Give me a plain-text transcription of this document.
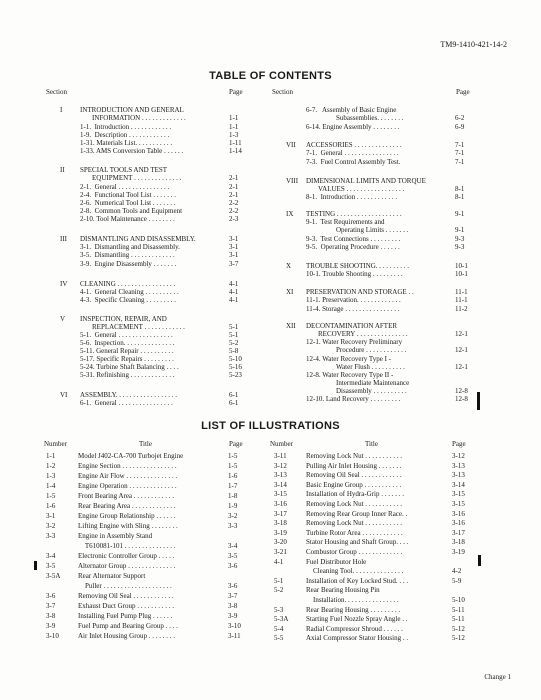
TM9-1410-421-14-2
TABLE OF CONTENTS
Section	Page	Section	Page
I	INTRODUCTION AND GENERAL
INFORMATION . . . . . . . . . . . . .	1-1
1-1.  Introduction . . . . . . . . . . . .	1-1
1-9.  Description . . . . . . . . . . . .	1-3
1-31. Materials List. . . . . . . . . . .	1-11
1-33. AMS Conversion Table . . . . . .	1-14
II SPECIAL TOOLS AND TEST
EQUIPMENT . . . . . . . . . . . . . .	2-1
2-1.  General . . . . . . . . . . . . . . .	2-1
2-4.  Functional Tool List . . . . . . .	2-1
2-6.  Numerical Tool List . . . . . . .	2-2
2-8.  Common Tools and Equipment	2-2
2-10. Tool Maintenance . . . . . . . .	2-3
III DISMANTLING AND DISASSEMBLY.	3-1
3-1.  Dismantling and Disassembly.	3-1
3-5.  Dismantling . . . . . . . . . . . . .	3-1
3-9.  Engine Disassembly . . . . . . .	3-7
IV CLEANING . . . . . . . . . . . . . . . . .	4-1
4-1.  General Cleaning . . . . . . . . . .	4-1
4-3.  Specific Cleaning . . . . . . . . .	4-1
V INSPECTION, REPAIR, AND
REPLACEMENT . . . . . . . . . . . .	5-1
5-1.  General . . . . . . . . . . . . . . . .	5-1
5-6.  Inspection. . . . . . . . . . . . . . .	5-2
5-11. General Repair . . . . . . . . . .	5-8
5-17. Specific Repairs . . . . . . . . .	5-10
5-24. Turbine Shaft Balancing . . . .	5-16
5-31. Refinishing . . . . . . . . . . . . .	5-23
VI ASSEMBLY. . . . . . . . . . . . . . . . . .	6-1
6-1.  General . . . . . . . . . . . . . . . .	6-1
6-7.   Assembly of Basic Engine
Subassemblies. . . . . . . .	6-2
6-14. Engine Assembly . . . . . . . .	6-9
VII ACCESSORIES . . . . . . . . . . . . . .	7-1
7-1.  General . . . . . . . . . . . . . . . .	7-1
7-3.  Fuel Control Assembly Test.	7-1
VIII DIMENSIONAL LIMITS AND TORQUE
VALUES . . . . . . . . . . . . . . . . .	8-1
8-1.  Introduction . . . . . . . . . . . .	8-1
IX TESTING . . . . . . . . . . . . . . . . . . .	9-1
9-1.  Test Requirements and
Operating Limits . . . . . . .	9-1
9-3.  Test Connections . . . . . . . . .	9-3
9-5.  Operating Procedure . . . . . .	9-3
X TROUBLE SHOOTING. . . . . . . . . .	10-1
10-1. Trouble Shooting . . . . . . . . .	10-1
XI PRESERVATION AND STORAGE . .	11-1
11-1. Preservation. . . . . . . . . . . . .	11-1
11-4. Storage . . . . . . . . . . . . . . . .	11-2
XII DECONTAMINATION AFTER
RECOVERY . . . . . . . . . . . . . . .	12-1
12-1. Water Recovery Preliminary
Procedure . . . . . . . . . . . .	12-1
12-4. Water Recovery Type I -
Water Flush . . . . . . . . . .	12-1
12-8. Water Recovery Type II -
Intermediate Maintenance
Disassembly . . . . . . . . . .	12-8
12-10. Land Recovery . . . . . . . . .	12-8
LIST OF ILLUSTRATIONS
Number	Title	Page	Number	Title	Page
1-1	Model J402-CA-700 Turbojet Engine	1-5
1-2	Engine Section . . . . . . . . . . . . . . . .	1-5
1-3	Engine Air Flow . . . . . . . . . . . . . . .	1-6
1-4	Engine Operation . . . . . . . . . . . . . .	1-7
1-5	Front Bearing Area . . . . . . . . . . . .	1-8
1-6	Rear Bearing Area . . . . . . . . . . . . .	1-9
3-1	Engine Group Relationship . . . . . .	3-2
3-2	Lifting Engine with Sling . . . . . . . .	3-3
3-3	Engine in Assembly Stand
T610081-101 . . . . . . . . . . . . . . .	3-4
3-4	Electronic Controller Group . . . . .	3-5
3-5	Alternator Group . . . . . . . . . . . . . .	3-6
3-5A	Rear Alternator Support
Puller . . . . . . . . . . . . . . . . . . . .	3-6
3-6	Removing Oil Seal . . . . . . . . . . . .	3-7
3-7	Exhaust Duct Group . . . . . . . . . . .	3-8
3-8	Installing Fuel Pump Plug . . . . . .	3-9
3-9	Fuel Pump and Bearing Group . . . .	3-10
3-10	Air Inlet Housing Group . . . . . . . .	3-11
3-11	Removing Lock Nut . . . . . . . . . . .	3-12
3-12	Pulling Air Inlet Housing . . . . . . .	3-13
3-13	Removing Oil Seal . . . . . . . . . . . .	3-13
3-14	Basic Engine Group . . . . . . . . . . .	3-14
3-15	Installation of Hydra-Grip . . . . . . .	3-15
3-16	Removing Lock Nut . . . . . . . . . . .	3-15
3-17	Removing Rear Group Inner Race. .	3-16
3-18	Removing Lock Nut . . . . . . . . . . .	3-16
3-19	Turbine Rotor Area . . . . . . . . . . . .	3-17
3-20	Stator Housing and Shaft Group. . . .	3-18
3-21	Combustor Group . . . . . . . . . . . . .	3-19
4-1	Fuel Distributor Hole
Cleaning Tool. . . . . . . . . . . . . . .	4-2
5-1	Installation of Key Locked Stud. . . .	5-9
5-2	Rear Bearing Housing Pin
Installation. . . . . . . . . . . . . . . .	5-10
5-3	Rear Bearing Housing . . . . . . . . .	5-11
5-3A	Starting Fuel Nozzle Spray Angle . .	5-11
5-4	Radial Compressor Shroud . . . . . .	5-12
5-5	Axial Compressor Stator Housing . .	5-12
Change 1
